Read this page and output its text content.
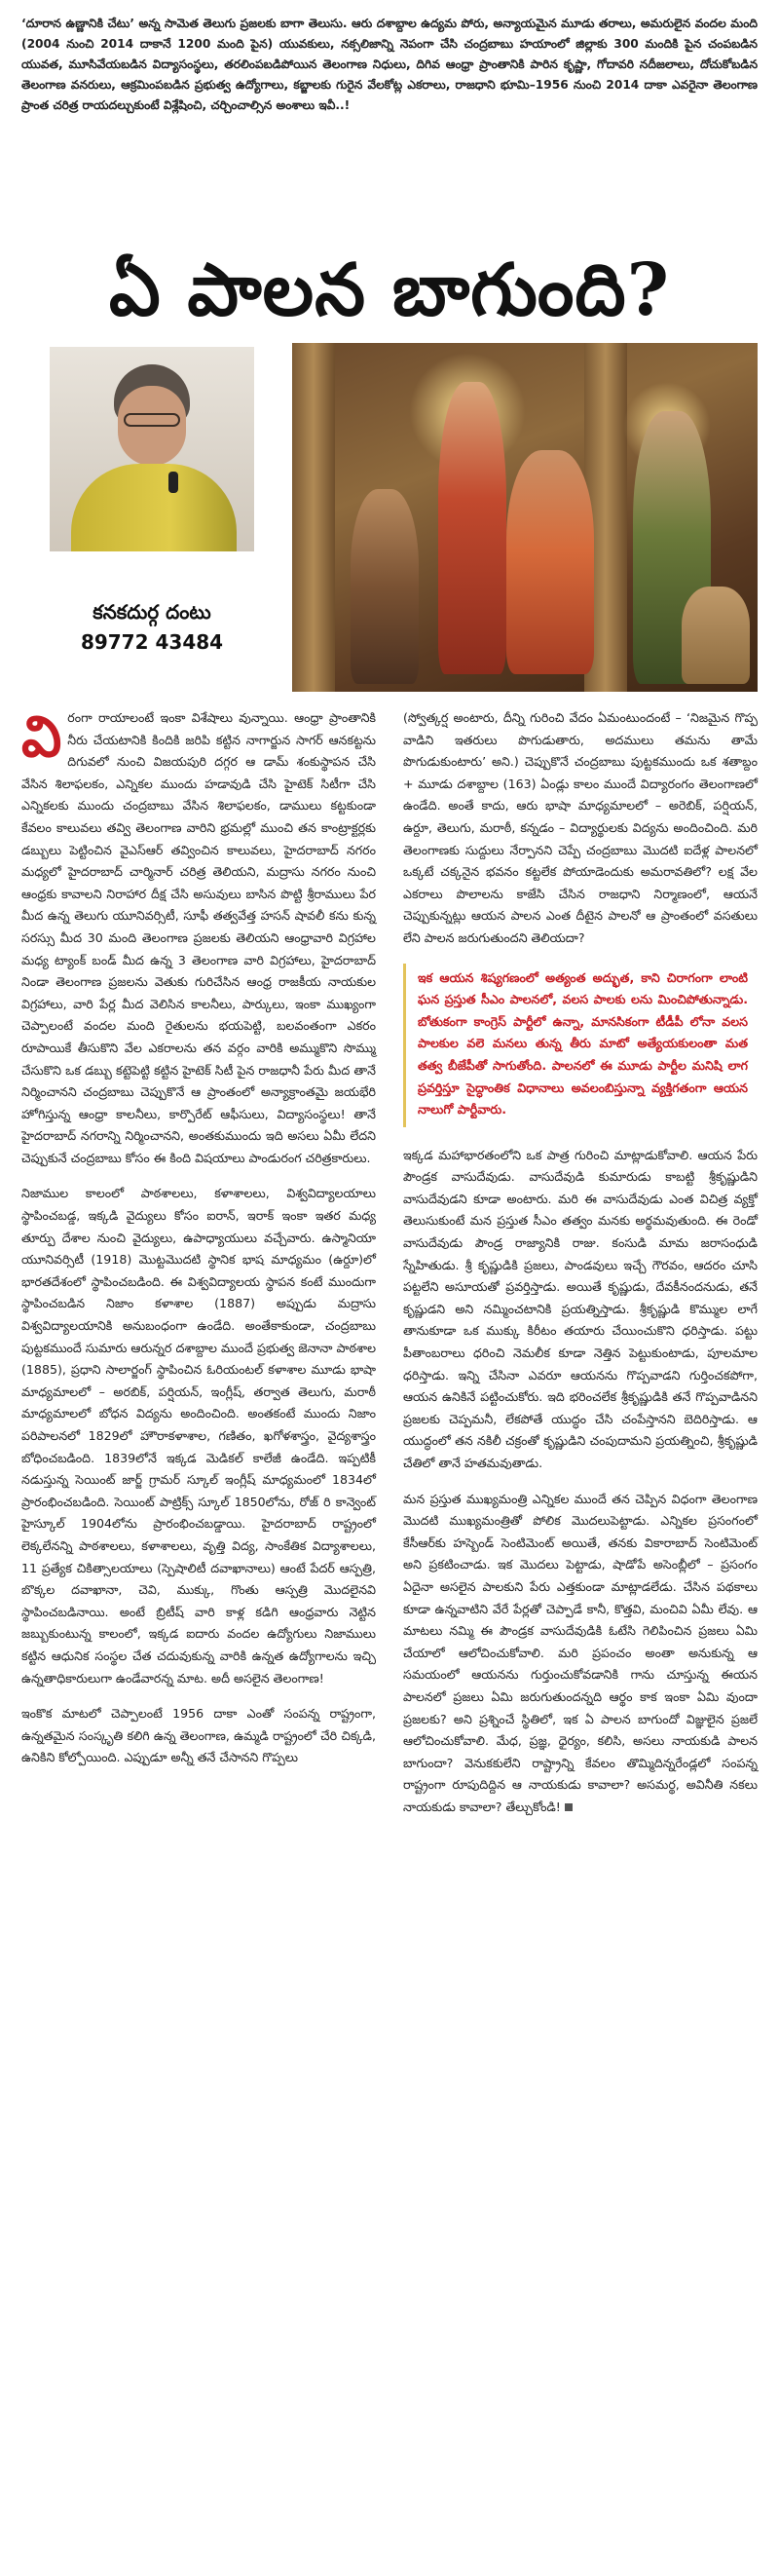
‘దూరాన ఉణ్ణానికి చేటు’ అన్న సామెత తెలుగు ప్రజలకు బాగా తెలుసు. ఆరు దశాబ్దాల ఉద్యమ పోరు, అన్యాయమైన మూడు తరాలు, అమరులైన వందల మంది (2004 నుంచి 2014 దాకానే 1200 మంది పైన) యువకులు, నక్సలిజాన్ని నెపంగా చేసి చంద్రబాబు హయాంలో జిల్లాకు 300 మందికి పైన చంపబడిన యువత, మూసివేయబడిన విద్యాసంస్థలు, తరలింపబడిపోయిన తెలంగాణ నిధులు, దిగివ ఆంధ్రా ప్రాంతానికి పారిన కృష్ణా, గోదావరి నదీజలాలు, దోచుకోబడిన తెలంగాణ వనరులు, ఆక్రమింపబడిన ప్రభుత్వ ఉద్యోగాలు, కబ్జాలకు గురైన వేలకోట్ల ఎకరాలు, రాజధాని భూమి–1956 నుంచి 2014 దాకా ఎవరైనా తెలంగాణ ప్రాంత చరిత్ర రాయదల్చుకుంటే విశ్లేషించి, చర్చించాల్సిన అంశాలు ఇవీ..!
ఏ పాలన బాగుంది?
కనకదుర్గ దంటు
89772 43484

విరంగా రాయాలంటే ఇంకా విశేషాలు వున్నాయి. ఆంధ్రా ప్రాంతానికి నీరు చేయటానికి కిందికి జరిపి కట్టిన నాగార్జున సాగర్ ఆనకట్టను దిగువలో నుంచి విజయపురి దగ్గర ఆ డామ్ శంకుస్థాపన చేసి వేసిన శిలాఫలకం, ఎన్నికల ముందు హడావుడి చేసి హైటెక్ సిటీగా చేసి ఎన్నికలకు ముందు చంద్రబాబు వేసిన శిలాఫలకం, డాములు కట్టకుండా కేవలం కాలువలు తవ్వి తెలంగాణ వారిని భ్రమల్లో ముంచి తన కాంట్రాక్టర్లకు డబ్బులు పెట్టించిన వైఎస్ఆర్ తవ్వించిన కాలువలు, హైదరాబాద్ నగరం మధ్యలో హైదరాబాద్ చార్మినార్ చరిత్ర తెలియని, మద్రాసు నగరం నుంచి ఆంధ్రకు కావాలని నిరాహార దీక్ష చేసి అసువులు బాసిన పొట్టి శ్రీరాములు పేర మీద ఉన్న తెలుగు యూనివర్సిటీ, సూఫీ తత్వవేత్త హసన్ షావలీ కను కున్న సరస్సు మీద 30 మంది తెలంగాణ ప్రజలకు తెలియని ఆంధ్రావారి విగ్రహాల మధ్య ట్యాంక్ బండ్ మీద ఉన్న 3 తెలంగాణ వారి విగ్రహాలు, హైదరాబాద్ నిండా తెలంగాణ ప్రజలను వెతుకు గురిచేసిన ఆంధ్ర రాజకీయ నాయకుల విగ్రహాలు, వారి పేర్ల మీద వెలిసిన కాలనీలు, పార్కులు, ఇంకా ముఖ్యంగా చెప్పాలంటే వందల మంది రైతులను భయపెట్టి, బలవంతంగా ఎకరం రూపాయికే తీసుకొని వేల ఎకరాలను తన వర్గం వారికి అమ్ముకొని సొమ్ము చేసుకొని ఒక డబ్బు కట్టెపెట్టి కట్టిన హైటెక్ సిటీ పైన రాజధానీ పేరు మీద తానే నిర్మించానని చంద్రబాబు చెప్పుకొనే ఆ ప్రాంతంలో అన్యాక్రాంతమై జయభేరి హోగిస్తున్న ఆంధ్రా కాలనీలు, కార్పొరేట్ ఆఫీసులు, విద్యాసంస్థలు! తానే హైదరాబాద్ నగరాన్ని నిర్మించానని, అంతకుముందు ఇది అసలు ఏమీ లేదని చెప్పుకునే చంద్రబాబు కోసం ఈ కింది విషయాలు పాండురంగ చరిత్రకారులు.

నిజాముల కాలంలో పాఠశాలలు, కళాశాలలు, విశ్వవిద్యాలయాలు స్థాపించబడ్డ, ఇక్కడి వైద్యులు కోసం ఐరాన్, ఇరాక్ ఇంకా ఇతర మధ్య తూర్పు దేశాల నుంచి వైద్యులు, ఉపాధ్యాయులు వచ్చేవారు. ఉస్మానియా యూనివర్సిటీ (1918) మొట్టమొదటి స్థానిక భాష మాధ్యమం (ఉర్దూ)లో భారతదేశంలో స్థాపించబడింది. ఈ విశ్వవిద్యాలయ స్థాపన కంటే ముందుగా స్థాపించబడిన నిజాం కళాశాల (1887) అప్పుడు మద్రాసు విశ్వవిద్యాలయానికి అనుబంధంగా ఉండేది. అంతేకాకుండా, చంద్రబాబు పుట్టకముందే సుమారు ఆరున్నర దశాబ్దాల ముందే ప్రభుత్వ జెనానా పాఠశాల (1885), ప్రధాని సాలార్జంగ్ స్థాపించిన ఓరియంటల్ కళాశాల మూడు భాషా మాధ్యమాలలో – అరబిక్, పర్షియన్, ఇంగ్లీష్, తర్వాత తెలుగు, మరాఠీ మాధ్యమాలలో బోధన విద్యను అందించింది. అంతకంటే ముందు నిజాం పరిపాలనలో 1829లో హౌరాకళాశాల, గణితం, ఖగోళశాస్త్రం, వైద్యశాస్త్రం బోధించబడింది. 1839లోనే ఇక్కడ మెడికల్ కాలేజీ ఉండేది. ఇప్పటికీ నడుస్తున్న సెయింట్ జార్జ్ గ్రామర్ స్కూల్ ఇంగ్లీష్ మాధ్యమంలో 1834లో ప్రారంభించబడింది. సెయింట్ పాట్రిక్స్ స్కూల్ 1850లోను, రోజ్ రి కాన్వెంట్ హైస్కూల్ 1904లోను ప్రారంభించబడ్డాయి. హైదరాబాద్ రాష్ట్రంలో లెక్కలేనన్ని పాఠశాలలు, కళాశాలలు, వృత్తి విద్య, సాంకేతిక విద్యాశాలలు, 11 ప్రత్యేక చికిత్సాలయాలు (స్పెషాలిటీ దవాఖానాలు) ఆంటే పేదర్ ఆస్పత్రి, బొక్కల దవాఖానా, చెవి, ముక్కు, గొంతు ఆస్పత్రి మొదలైనవి స్థాపించబడినాయి. అంటే బ్రిటీష్ వారి కాళ్ల కడిగి ఆంధ్రవారు నెట్టిన జబ్బుకుంటున్న కాలంలో, ఇక్కడ ఐదారు వందల ఉద్యోగులు నిజాములు కట్టిన ఆధునిక సంస్థల చేత చదువుకున్న వారికి ఉన్నత ఉద్యోగాలను ఇచ్చి ఉన్నతాధికారులుగా ఉండేవారన్న మాట. అదీ అసలైన తెలంగాణ!

ఇంకొక మాటలో చెప్పాలంటే 1956 దాకా ఎంతో సంపన్న రాష్ట్రంగా, ఉన్నతమైన సంస్కృతి కలిగి ఉన్న తెలంగాణ, ఉమ్మడి రాష్ట్రంలో చేరి చిక్కడి, ఉనికిని కోల్పోయింది. ఎప్పుడూ అన్నీ తనే చేసానని గొప్పలు

(స్వోత్కర్ష అంటారు, దీన్ని గురించి వేదం ఏమంటుందంటే – ‘నిజమైన గొప్ప వాడిని ఇతరులు పొగుడుతారు, అదములు తమను తామే పొగుడుకుంటారు’ అని.) చెప్పుకొనే చంద్రబాబు పుట్టకముందు ఒక శతాబ్దం + మూడు దశాబ్దాల (163) ఏండ్లు కాలం ముందే విద్యారంగం తెలంగాణలో ఉండేది. అంతే కాదు, ఆరు భాషా మాధ్యమాలలో – అరెబిక్, పర్షియన్, ఉర్దూ, తెలుగు, మరాఠీ, కన్నడం – విద్యార్థులకు విద్యను అందించింది. మరి తెలంగాణకు సుద్దులు నేర్పానని చెప్పే చంద్రబాబు మొదటి ఐదేళ్ల పాలనలో ఒక్కటే చక్కనైన భవనం కట్టలేక పోయాడెందుకు అమరావతిలో? లక్ష వేల ఎకరాలు పొలాలను కాజేసి చేసిన రాజధాని నిర్మాణంలో, ఆయనే చెప్పుకున్నట్లు ఆయన పాలన ఎంత దీటైన పాలనో ఆ ప్రాంతంలో వసతులు లేని పాలన జరుగుతుందని తెలియదా?

ఇక ఆయన శిష్యగణంలో అత్యంత అద్భుత, కాని చిరాగంగా లాంటి ఘన ప్రస్తుత సీఎం పాలనలో, వలస పాలకు లను మించిపోతున్నాడు. బోతుకంగా కాంగ్రెస్ పార్టీలో ఉన్నా, మానసికంగా టీడీపీ లోనా వలస పాలకుల వలె మనలు తున్న తీరు మాటో అత్యేయకులంతా మత తత్వ బీజేపీతో సాగుతోంది. పాలనలో ఈ మూడు పార్టీల మనిషి లాగ ప్రవర్తిస్తూ సైద్ధాంతిక విధానాలు అవలంబిస్తున్నా వ్యక్తిగతంగా ఆయన నాలుగో పార్టీవారు.

ఇక్కడ మహాభారతంలోని ఒక పాత్ర గురించి మాట్లాడుకోవాలి. ఆయన పేరు పౌండ్రక వాసుదేవుడు. వాసుదేవుడి కుమారుడు కాబట్టి శ్రీకృష్ణుడిని వాసుదేవుడని కూడా అంటారు. మరి ఈ వాసుదేవుడు ఎంత విచిత్ర వ్యక్తో తెలుసుకుంటే మన ప్రస్తుత సీఎం తత్వం మనకు అర్థమవుతుంది. ఈ రెండో వాసుదేవుడు పౌండ్ర రాజ్యానికి రాజు. కంసుడి మామ జరాసంధుడి స్నేహితుడు. శ్రీ కృష్ణుడికి ప్రజలు, పాండవులు ఇచ్చే గౌరవం, ఆదరం చూసి పట్టలేని అసూయతో ప్రవర్తిస్తాడు. అయితే కృష్ణుడు, దేవకీనందనుడు, తనే కృష్ణుడని అని నమ్మించటానికి ప్రయత్నిస్తాడు. శ్రీకృష్ణుడి కొమ్ముల లాగే తానుకూడా ఒక ముక్కు కిరీటం తయారు చేయించుకొని ధరిస్తాడు. పట్టు పీతాంబరాలు ధరించి నెమలీక కూడా నెత్తిన పెట్టుకుంటాడు, పూలమాల ధరిస్తాడు. ఇన్ని చేసినా ఎవరూ ఆయనను గొప్పవాడని గుర్తించకపోగా, ఆయన ఉనికినే పట్టించుకోరు. ఇది భరించలేక శ్రీకృష్ణుడికి తనే గొప్పవాడినని ప్రజలకు చెప్పమనీ, లేకపోతే యుద్ధం చేసి చంపేస్తానని బెదిరిస్తాడు. ఆ యుద్ధంలో తన నకిలీ చక్రంతో కృష్ణుడిని చంపుదామని ప్రయత్నించి, శ్రీకృష్ణుడి చేతిలో తానే హతమవుతాడు.

మన ప్రస్తుత ముఖ్యమంత్రి ఎన్నికల ముందే తన చెప్పిన విధంగా తెలంగాణ మొదటి ముఖ్యమంత్రితో పోలిక మొదలుపెట్టాడు. ఎన్నికల ప్రసంగంలో కేసీఆర్‌కు హస్బెండ్ సెంటిమెంట్ అయితే, తనకు వికారాబాద్ సెంటిమెంట్ అని ప్రకటించాడు. ఇక మొదలు పెట్టాడు, షాడోపే అసెంబ్లీలో – ప్రసంగం ఏదైనా అసలైన పాలకుని పేరు ఎత్తకుండా మాట్లాడలేడు. చేసిన పథకాలు కూడా ఉన్నవాటిని వేరే పేర్లతో చెప్పాడే కానీ, కొత్తవి, మంచివి ఏమీ లేవు. ఆ మాటలు నమ్మి ఈ పౌండ్రక వాసుదేవుడికి ఓటేసి గెలిపించిన ప్రజలు ఏమి చేయాలో ఆలోచించుకోవాలి. మరి ప్రపంచం అంతా అనుకున్న ఆ సమయంలో ఆయనను గుర్తుంచుకోవడానికి గాను చూస్తున్న ఈయన పాలనలో ప్రజలు ఏమి జరుగుతుందన్నది ఆర్థం కాక ఇంకా ఏమి వుందా ప్రజలకు? అని ప్రశ్నించే స్థితిలో, ఇక ఏ పాలన బాగుందో విజ్ఞులైన ప్రజలే ఆలోచించుకోవాలి. మేధ, ప్రజ్ఞ, ధైర్యం, కలిసి, అసలు నాయకుడి పాలన బాగుందా? వెనుకకులేని రాష్ట్రాన్ని కేవలం తొమ్మిదిన్నరేండ్లలో సంపన్న రాష్ట్రంగా రూపుదిద్దిన ఆ నాయకుడు కావాలా? అసమర్థ, అవినీతి నకలు నాయకుడు కావాలా? తేల్చుకోండి!
